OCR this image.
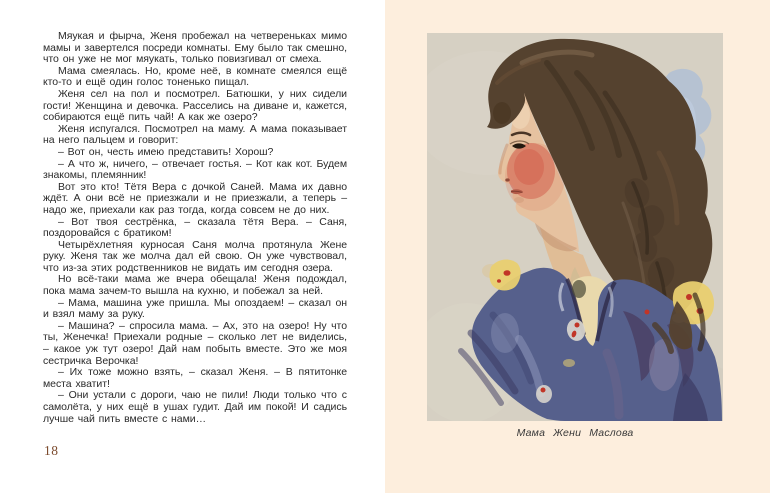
Мяукая и фырча, Женя пробежал на четвереньках мимо мамы и завертелся посреди комнаты. Ему было так смешно, что он уже не мог мяукать, только повизгивал от смеха.

Мама смеялась. Но, кроме неё, в комнате смеялся ещё кто-то и ещё один голос тоненько пищал.

Женя сел на пол и посмотрел. Батюшки, у них сидели гости! Женщина и девочка. Расселись на диване и, кажется, собираются ещё пить чай! А как же озеро?

Женя испугался. Посмотрел на маму. А мама показывает на него пальцем и говорит:

– Вот он, честь имею представить! Хорош?

– А что ж, ничего, – отвечает гостья. – Кот как кот. Будем знакомы, племянник!

Вот это кто! Тётя Вера с дочкой Саней. Мама их давно ждёт. А они всё не приезжали и не приезжали, а теперь – надо же, приехали как раз тогда, когда совсем не до них.

– Вот твоя сестрёнка, – сказала тётя Вера. – Саня, поздоровайся с братиком!

Четырёхлетняя курносая Саня молча протянула Жене руку. Женя так же молча дал ей свою. Он уже чувствовал, что из-за этих родственников не видать им сегодня озера.

Но всё-таки мама же вчера обещала! Женя подождал, пока мама зачем-то вышла на кухню, и побежал за ней.

– Мама, машина уже пришла. Мы опоздаем! – сказал он и взял маму за руку.

– Машина? – спросила мама. – Ах, это на озеро! Ну что ты, Женечка! Приехали родные – сколько лет не виделись, – какое уж тут озеро! Дай нам побыть вместе. Это же моя сестричка Верочка!

– Их тоже можно взять, – сказал Женя. – В пятитонке места хватит!

– Они устали с дороги, чаю не пили! Люди только что с самолёта, у них ещё в ушах гудит. Дай им покой! И садись лучше чай пить вместе с нами…

18
Мама Жени Маслова
